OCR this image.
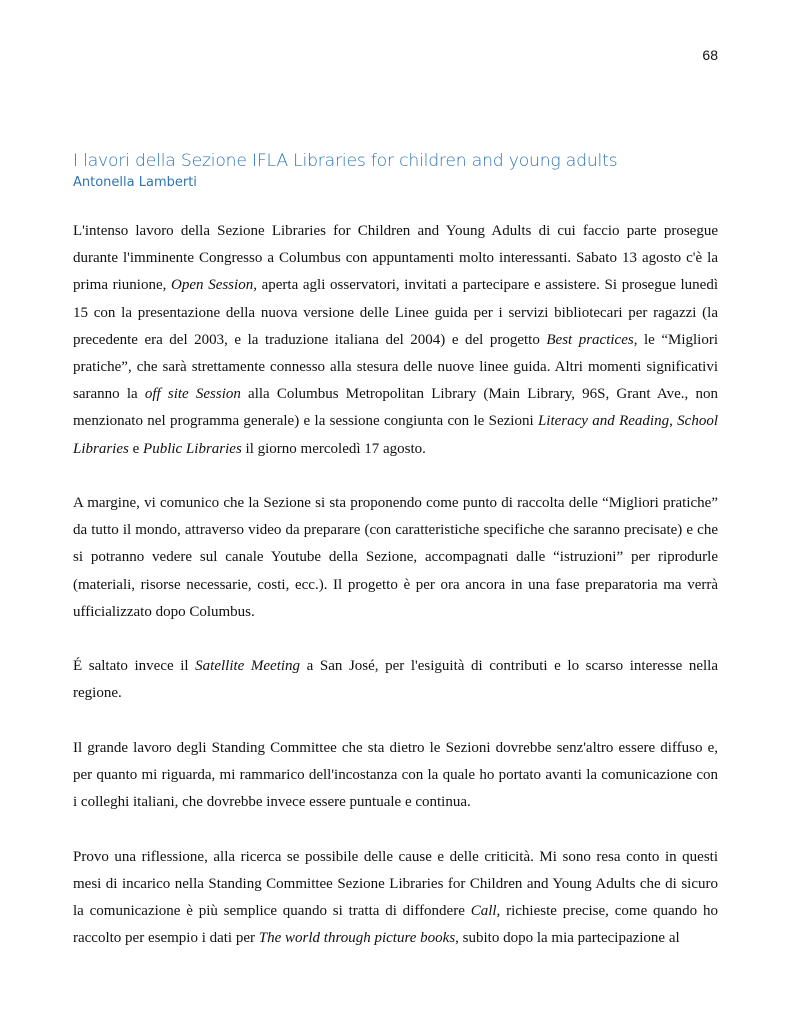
68
I lavori della Sezione IFLA Libraries for children and young adults
Antonella Lamberti

L'intenso lavoro della Sezione Libraries for Children and Young Adults di cui faccio parte prosegue durante l'imminente Congresso a Columbus con appuntamenti molto interessanti. Sabato 13 agosto c'è la prima riunione, Open Session, aperta agli osservatori, invitati a partecipare e assistere. Si prosegue lunedì 15 con la presentazione della nuova versione delle Linee guida per i servizi bibliotecari per ragazzi (la precedente era del 2003, e la traduzione italiana del 2004) e del progetto Best practices, le “Migliori pratiche”, che sarà strettamente connesso alla stesura delle nuove linee guida. Altri momenti significativi saranno la off site Session alla Columbus Metropolitan Library (Main Library, 96S, Grant Ave., non menzionato nel programma generale) e la sessione congiunta con le Sezioni Literacy and Reading, School Libraries e Public Libraries il giorno mercoledì 17 agosto.

A margine, vi comunico che la Sezione si sta proponendo come punto di raccolta delle “Migliori pratiche” da tutto il mondo, attraverso video da preparare (con caratteristiche specifiche che saranno precisate) e che si potranno vedere sul canale Youtube della Sezione, accompagnati dalle “istruzioni” per riprodurle (materiali, risorse necessarie, costi, ecc.). Il progetto è per ora ancora in una fase preparatoria ma verrà ufficializzato dopo Columbus.

É saltato invece il Satellite Meeting a San José, per l'esiguità di contributi e lo scarso interesse nella regione.

Il grande lavoro degli Standing Committee che sta dietro le Sezioni dovrebbe senz'altro essere diffuso e, per quanto mi riguarda, mi rammarico dell'incostanza con la quale ho portato avanti la comunicazione con i colleghi italiani, che dovrebbe invece essere puntuale e continua.

Provo una riflessione, alla ricerca se possibile delle cause e delle criticità. Mi sono resa conto in questi mesi di incarico nella Standing Committee Sezione Libraries for Children and Young Adults che di sicuro la comunicazione è più semplice quando si tratta di diffondere Call, richieste precise, come quando ho raccolto per esempio i dati per The world through picture books, subito dopo la mia partecipazione al
